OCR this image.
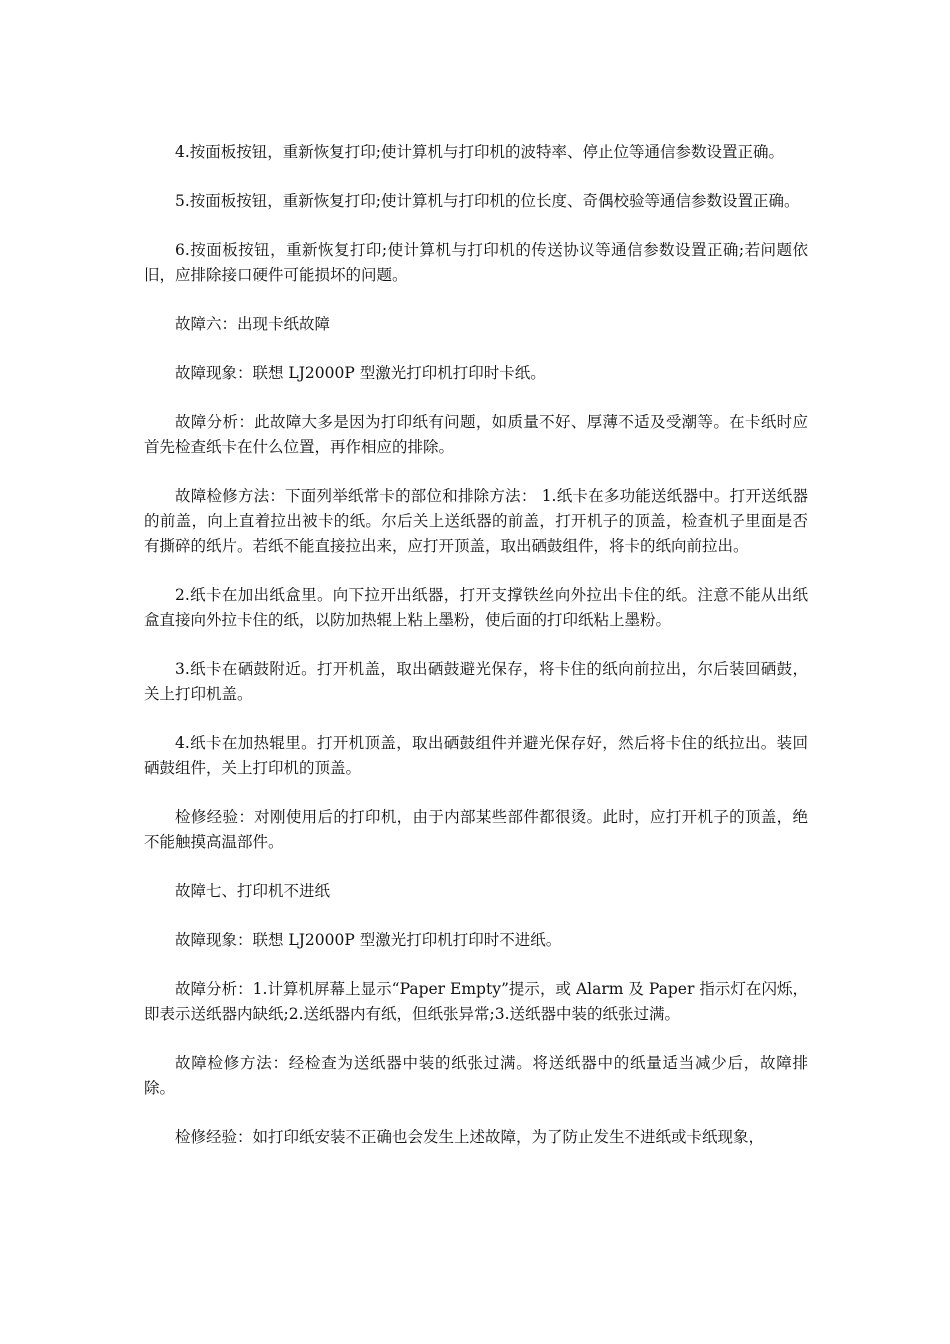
4.按面板按钮，重新恢复打印;使计算机与打印机的波特率、停止位等通信参数设置正确。

5.按面板按钮，重新恢复打印;使计算机与打印机的位长度、奇偶校验等通信参数设置正确。

6.按面板按钮，重新恢复打印;使计算机与打印机的传送协议等通信参数设置正确;若问题依旧，应排除接口硬件可能损坏的问题。

故障六：出现卡纸故障

故障现象：联想 LJ2000P 型激光打印机打印时卡纸。

故障分析：此故障大多是因为打印纸有问题，如质量不好、厚薄不适及受潮等。在卡纸时应首先检查纸卡在什么位置，再作相应的排除。

故障检修方法：下面列举纸常卡的部位和排除方法： 1.纸卡在多功能送纸器中。打开送纸器的前盖，向上直着拉出被卡的纸。尔后关上送纸器的前盖，打开机子的顶盖，检查机子里面是否有撕碎的纸片。若纸不能直接拉出来，应打开顶盖，取出硒鼓组件，将卡的纸向前拉出。

2.纸卡在加出纸盒里。向下拉开出纸器，打开支撑铁丝向外拉出卡住的纸。注意不能从出纸盒直接向外拉卡住的纸，以防加热辊上粘上墨粉，使后面的打印纸粘上墨粉。

3.纸卡在硒鼓附近。打开机盖，取出硒鼓避光保存，将卡住的纸向前拉出，尔后装回硒鼓，关上打印机盖。

4.纸卡在加热辊里。打开机顶盖，取出硒鼓组件并避光保存好，然后将卡住的纸拉出。装回硒鼓组件，关上打印机的顶盖。

检修经验：对刚使用后的打印机，由于内部某些部件都很烫。此时，应打开机子的顶盖，绝不能触摸高温部件。

故障七、打印机不进纸

故障现象：联想 LJ2000P 型激光打印机打印时不进纸。

故障分析：1.计算机屏幕上显示“Paper Empty”提示，或 Alarm 及 Paper 指示灯在闪烁，即表示送纸器内缺纸;2.送纸器内有纸，但纸张异常;3.送纸器中装的纸张过满。

故障检修方法：经检查为送纸器中装的纸张过满。将送纸器中的纸量适当减少后，故障排除。

检修经验：如打印纸安装不正确也会发生上述故障，为了防止发生不进纸或卡纸现象，
